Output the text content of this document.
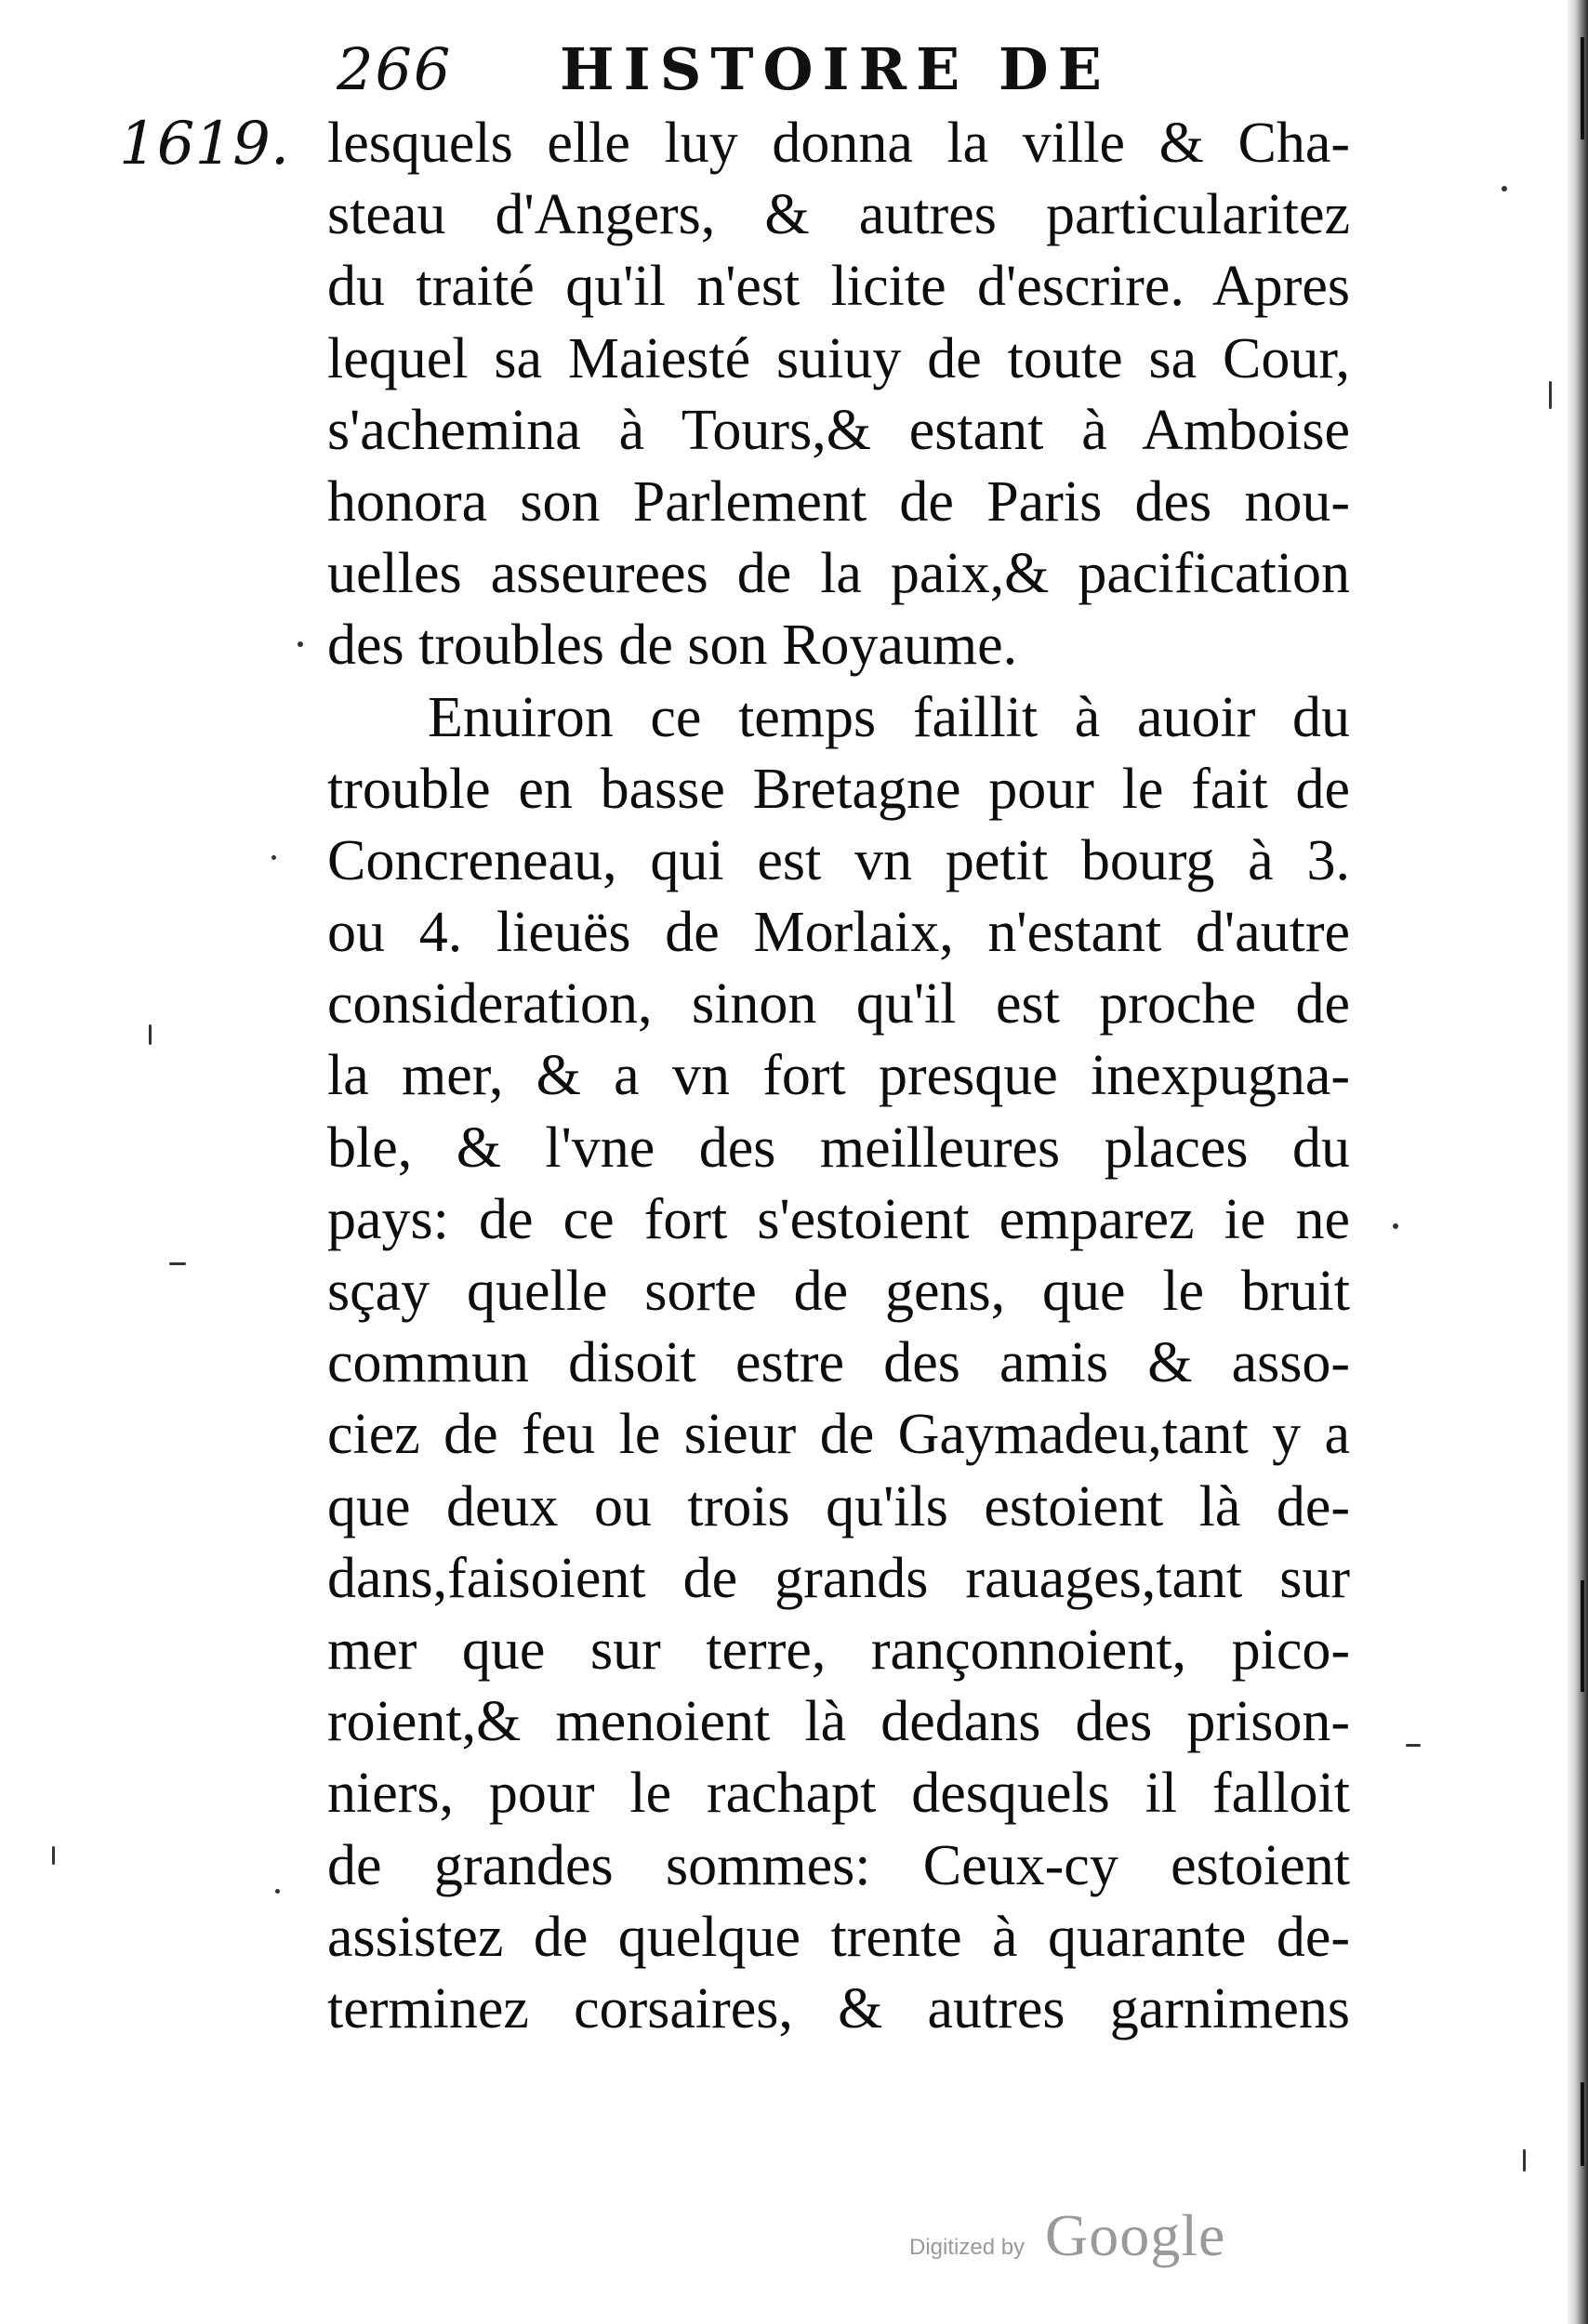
266 HISTOIRE DE
1619. lesquels elle luy donna la ville & Cha-
steau d'Angers, & autres particularitez
du traité qu'il n'est licite d'escrire. Apres
lequel sa Maiesté suiuy de toute sa Cour,
s'achemina à Tours,& estant à Amboise
honora son Parlement de Paris des nou-
uelles asseurees de la paix,& pacification
des troubles de son Royaume.
Enuiron ce temps faillit à auoir du
trouble en basse Bretagne pour le fait de
Concreneau, qui est vn petit bourg à 3.
ou 4. lieuës de Morlaix, n'estant d'autre
consideration, sinon qu'il est proche de
la mer, & a vn fort presque inexpugna-
ble, & l'vne des meilleures places du
pays: de ce fort s'estoient emparez ie ne
sçay quelle sorte de gens, que le bruit
commun disoit estre des amis & asso-
ciez de feu le sieur de Gaymadeu,tant y a
que deux ou trois qu'ils estoient là de-
dans,faisoient de grands rauages,tant sur
mer que sur terre, rançonnoient, pico-
roient,& menoient là dedans des prison-
niers, pour le rachapt desquels il falloit
de grandes sommes: Ceux-cy estoient
assistez de quelque trente à quarante de-
terminez corsaires, & autres garnimens
Digitized by Google
